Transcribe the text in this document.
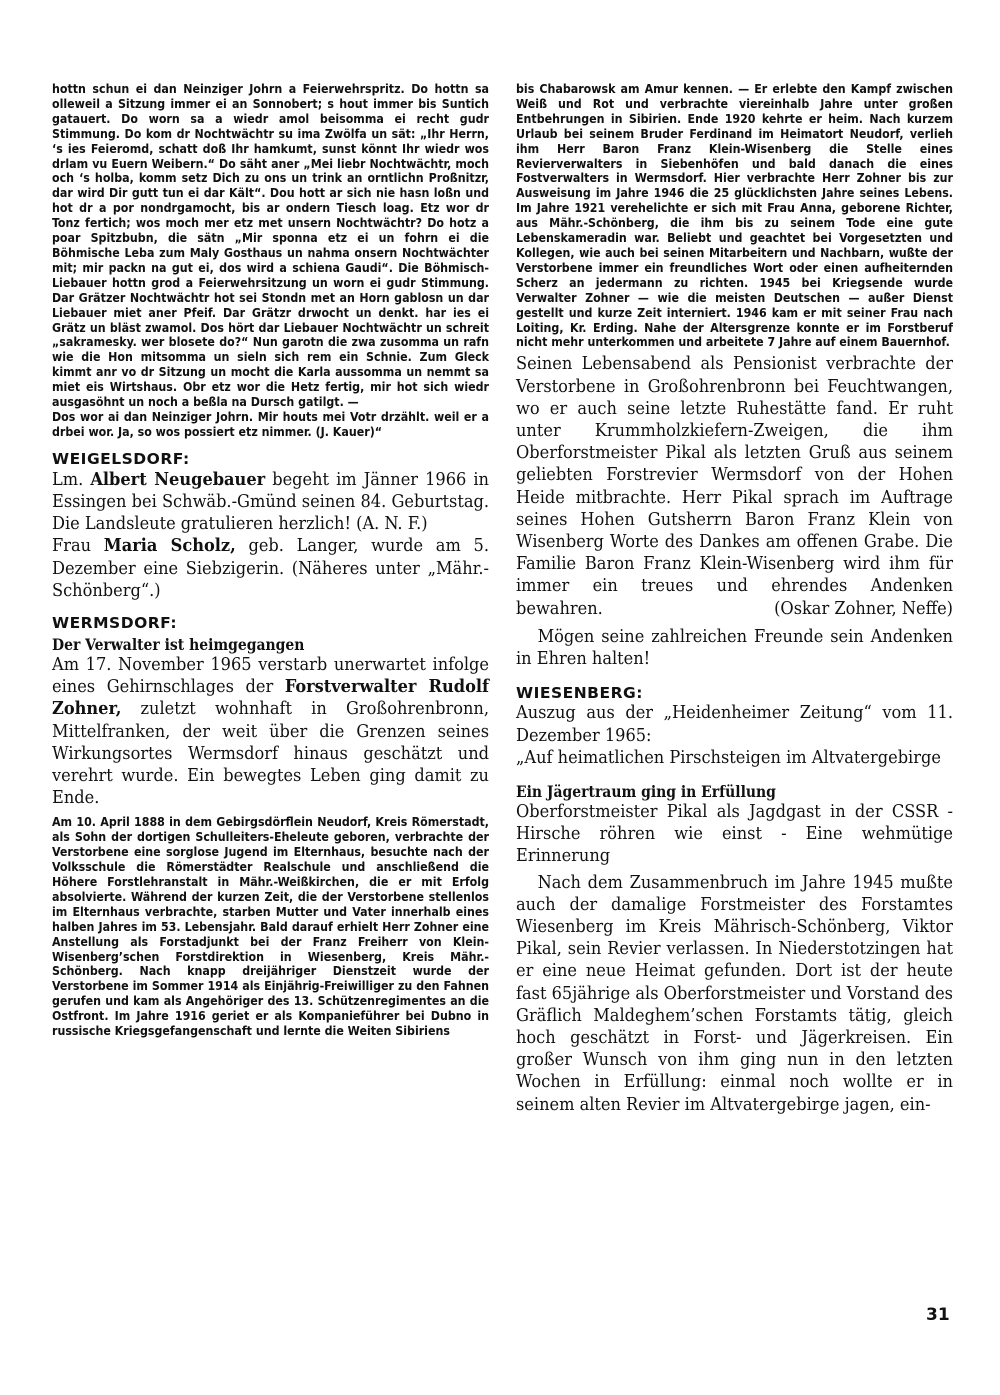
hottn schun ei dan Neinziger Johrn a Feierwehrspritz. Do hottn sa olleweil a Sitzung immer ei an Sonnobert; s hout immer bis Suntich gatauert. Do worn sa a wiedr amol beisomma ei recht gudr Stimmung. Do kom dr Nochtwächtr su ima Zwölfa un sät: „Ihr Herrn, ‘s ies Feieromd, schatt doß Ihr hamkumt, sunst könnt Ihr wiedr wos drlam vu Euern Weibern.“ Do säht aner „Mei liebr Nochtwächtr, moch och ‘s holba, komm setz Dich zu ons un trink an orntlichn Proßnitzr, dar wird Dir gutt tun ei dar Kält“. Dou hott ar sich nie hasn loßn und hot dr a por nondrgamocht, bis ar ondern Tiesch loag. Etz wor dr Tonz fertich; wos moch mer etz met unsern Nochtwächtr? Do hotz a poar Spitzbubn, die sätn „Mir sponna etz ei un fohrn ei die Böhmische Leba zum Maly Gosthaus un nahma onsern Nochtwächter mit; mir packn na gut ei, dos wird a schiena Gaudi“. Die Böhmisch-Liebauer hottn grod a Feierwehrsitzung un worn ei gudr Stimmung. Dar Grätzer Nochtwächtr hot sei Stondn met an Horn gablosn un dar Liebauer miet aner Pfeif. Dar Grätzr drwocht un denkt. har ies ei Grätz un bläst zwamol. Dos hört dar Liebauer Nochtwächtr un schreit „sakramesky. wer blosete do?“ Nun garotn die zwa zusomma un rafn wie die Hon mitsomma un sieln sich rem ein Schnie. Zum Gleck kimmt anr vo dr Sitzung un mocht die Karla aussomma un nemmt sa miet eis Wirtshaus. Obr etz wor die Hetz fertig, mir hot sich wiedr ausgasöhnt un noch a beßla na Dursch gatilgt. —

Dos wor ai dan Neinziger Johrn. Mir houts mei Votr drzählt. weil er a drbei wor. Ja, so wos possiert etz nimmer. (J. Kauer)“

WEIGELSDORF:

Lm. Albert Neugebauer begeht im Jänner 1966 in Essingen bei Schwäb.-Gmünd seinen 84. Geburtstag. Die Landsleute gratulieren herzlich! (A. N. F.)

Frau Maria Scholz, geb. Langer, wurde am 5. Dezember eine Siebzigerin. (Näheres unter „Mähr.-Schönberg“.)

WERMSDORF:

Der Verwalter ist heimgegangen

Am 17. November 1965 verstarb unerwartet infolge eines Gehirnschlages der Forstverwalter Rudolf Zohner, zuletzt wohnhaft in Großohrenbronn, Mittelfranken, der weit über die Grenzen seines Wirkungsortes Wermsdorf hinaus geschätzt und verehrt wurde. Ein bewegtes Leben ging damit zu Ende.

Am 10. April 1888 in dem Gebirgsdörflein Neudorf, Kreis Römerstadt, als Sohn der dortigen Schulleiters-Eheleute geboren, verbrachte der Verstorbene eine sorglose Jugend im Elternhaus, besuchte nach der Volksschule die Römerstädter Realschule und anschließend die Höhere Forstlehranstalt in Mähr.-Weißkirchen, die er mit Erfolg absolvierte. Während der kurzen Zeit, die der Verstorbene stellenlos im Elternhaus verbrachte, starben Mutter und Vater innerhalb eines halben Jahres im 53. Lebensjahr. Bald darauf erhielt Herr Zohner eine Anstellung als Forstadjunkt bei der Franz Freiherr von Klein-Wisenberg’schen Forstdirektion in Wiesenberg, Kreis Mähr.-Schönberg. Nach knapp dreijähriger Dienstzeit wurde der Verstorbene im Sommer 1914 als Einjährig-Freiwilliger zu den Fahnen gerufen und kam als Angehöriger des 13. Schützenregimentes an die Ostfront. Im Jahre 1916 geriet er als Kompanieführer bei Dubno in russische Kriegsgefangenschaft und lernte die Weiten Sibiriens

bis Chabarowsk am Amur kennen. — Er erlebte den Kampf zwischen Weiß und Rot und verbrachte viereinhalb Jahre unter großen Entbehrungen in Sibirien. Ende 1920 kehrte er heim. Nach kurzem Urlaub bei seinem Bruder Ferdinand im Heimatort Neudorf, verlieh ihm Herr Baron Franz Klein-Wisenberg die Stelle eines Revierverwalters in Siebenhöfen und bald danach die eines Fostverwalters in Wermsdorf. Hier verbrachte Herr Zohner bis zur Ausweisung im Jahre 1946 die 25 glücklichsten Jahre seines Lebens. Im Jahre 1921 verehelichte er sich mit Frau Anna, geborene Richter, aus Mähr.-Schönberg, die ihm bis zu seinem Tode eine gute Lebenskameradin war. Beliebt und geachtet bei Vorgesetzten und Kollegen, wie auch bei seinen Mitarbeitern und Nachbarn, wußte der Verstorbene immer ein freundliches Wort oder einen aufheiternden Scherz an jedermann zu richten. 1945 bei Kriegsende wurde Verwalter Zohner — wie die meisten Deutschen — außer Dienst gestellt und kurze Zeit interniert. 1946 kam er mit seiner Frau nach Loiting, Kr. Erding. Nahe der Altersgrenze konnte er im Forstberuf nicht mehr unterkommen und arbeitete 7 Jahre auf einem Bauernhof.

Seinen Lebensabend als Pensionist verbrachte der Verstorbene in Großohrenbronn bei Feuchtwangen, wo er auch seine letzte Ruhestätte fand. Er ruht unter Krummholzkiefern-Zweigen, die ihm Oberforstmeister Pikal als letzten Gruß aus seinem geliebten Forstrevier Wermsdorf von der Hohen Heide mitbrachte. Herr Pikal sprach im Auftrage seines Hohen Gutsherrn Baron Franz Klein von Wisenberg Worte des Dankes am offenen Grabe. Die Familie Baron Franz Klein-Wisenberg wird ihm für immer ein treues und ehrendes Andenken bewahren.	(Oskar Zohner, Neffe)

Mögen seine zahlreichen Freunde sein Andenken in Ehren halten!

WIESENBERG:

Auszug aus der „Heidenheimer Zeitung“ vom 11. Dezember 1965:

„Auf heimatlichen Pirschsteigen im Altvatergebirge

Ein Jägertraum ging in Erfüllung

Oberforstmeister Pikal als Jagdgast in der CSSR - Hirsche röhren wie einst - Eine wehmütige Erinnerung

Nach dem Zusammenbruch im Jahre 1945 mußte auch der damalige Forstmeister des Forstamtes Wiesenberg im Kreis Mährisch-Schönberg, Viktor Pikal, sein Revier verlassen. In Niederstotzingen hat er eine neue Heimat gefunden. Dort ist der heute fast 65jährige als Oberforstmeister und Vorstand des Gräflich Maldeghem’schen Forstamts tätig, gleich hoch geschätzt in Forst- und Jägerkreisen. Ein großer Wunsch von ihm ging nun in den letzten Wochen in Erfüllung: einmal noch wollte er in seinem alten Revier im Altvatergebirge jagen, ein-

31
